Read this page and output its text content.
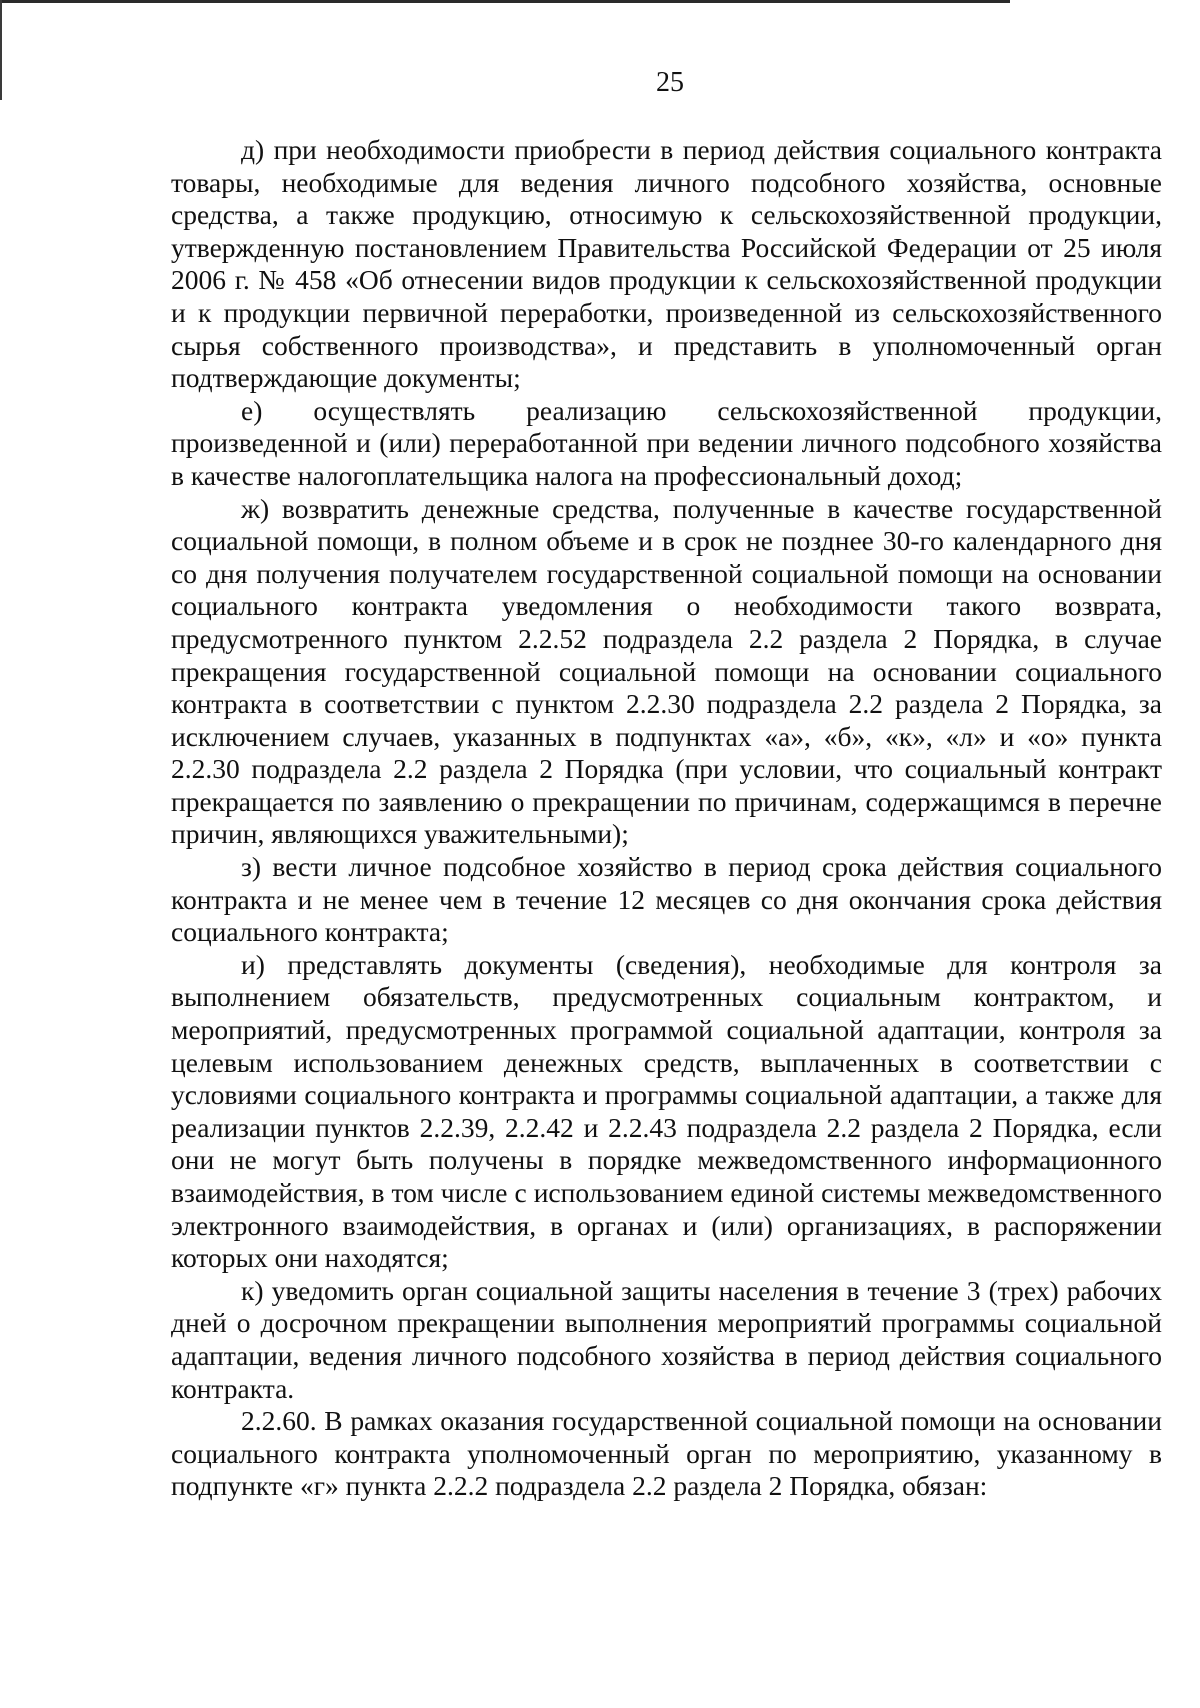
25

д) при необходимости приобрести в период действия социального контракта товары, необходимые для ведения личного подсобного хозяйства, основные средства, а также продукцию, относимую к сельскохозяйственной продукции, утвержденную постановлением Правительства Российской Федерации от 25 июля 2006 г. № 458 «Об отнесении видов продукции к сельскохозяйственной продукции и к продукции первичной переработки, произведенной из сельскохозяйственного сырья собственного производства», и представить в уполномоченный орган подтверждающие документы;

е) осуществлять реализацию сельскохозяйственной продукции, произведенной и (или) переработанной при ведении личного подсобного хозяйства в качестве налогоплательщика налога на профессиональный доход;

ж) возвратить денежные средства, полученные в качестве государственной социальной помощи, в полном объеме и в срок не позднее 30-го календарного дня со дня получения получателем государственной социальной помощи на основании социального контракта уведомления о необходимости такого возврата, предусмотренного пунктом 2.2.52 подраздела 2.2 раздела 2 Порядка, в случае прекращения государственной социальной помощи на основании социального контракта в соответствии с пунктом 2.2.30 подраздела 2.2 раздела 2 Порядка, за исключением случаев, указанных в подпунктах «а», «б», «к», «л» и «о» пункта 2.2.30 подраздела 2.2 раздела 2 Порядка (при условии, что социальный контракт прекращается по заявлению о прекращении по причинам, содержащимся в перечне причин, являющихся уважительными);

з) вести личное подсобное хозяйство в период срока действия социального контракта и не менее чем в течение 12 месяцев со дня окончания срока действия социального контракта;

и) представлять документы (сведения), необходимые для контроля за выполнением обязательств, предусмотренных социальным контрактом, и мероприятий, предусмотренных программой социальной адаптации, контроля за целевым использованием денежных средств, выплаченных в соответствии с условиями социального контракта и программы социальной адаптации, а также для реализации пунктов 2.2.39, 2.2.42 и 2.2.43 подраздела 2.2 раздела 2 Порядка, если они не могут быть получены в порядке межведомственного информационного взаимодействия, в том числе с использованием единой системы межведомственного электронного взаимодействия, в органах и (или) организациях, в распоряжении которых они находятся;

к) уведомить орган социальной защиты населения в течение 3 (трех) рабочих дней о досрочном прекращении выполнения мероприятий программы социальной адаптации, ведения личного подсобного хозяйства в период действия социального контракта.

2.2.60. В рамках оказания государственной социальной помощи на основании социального контракта уполномоченный орган по мероприятию, указанному в подпункте «г» пункта 2.2.2 подраздела 2.2 раздела 2 Порядка, обязан:
